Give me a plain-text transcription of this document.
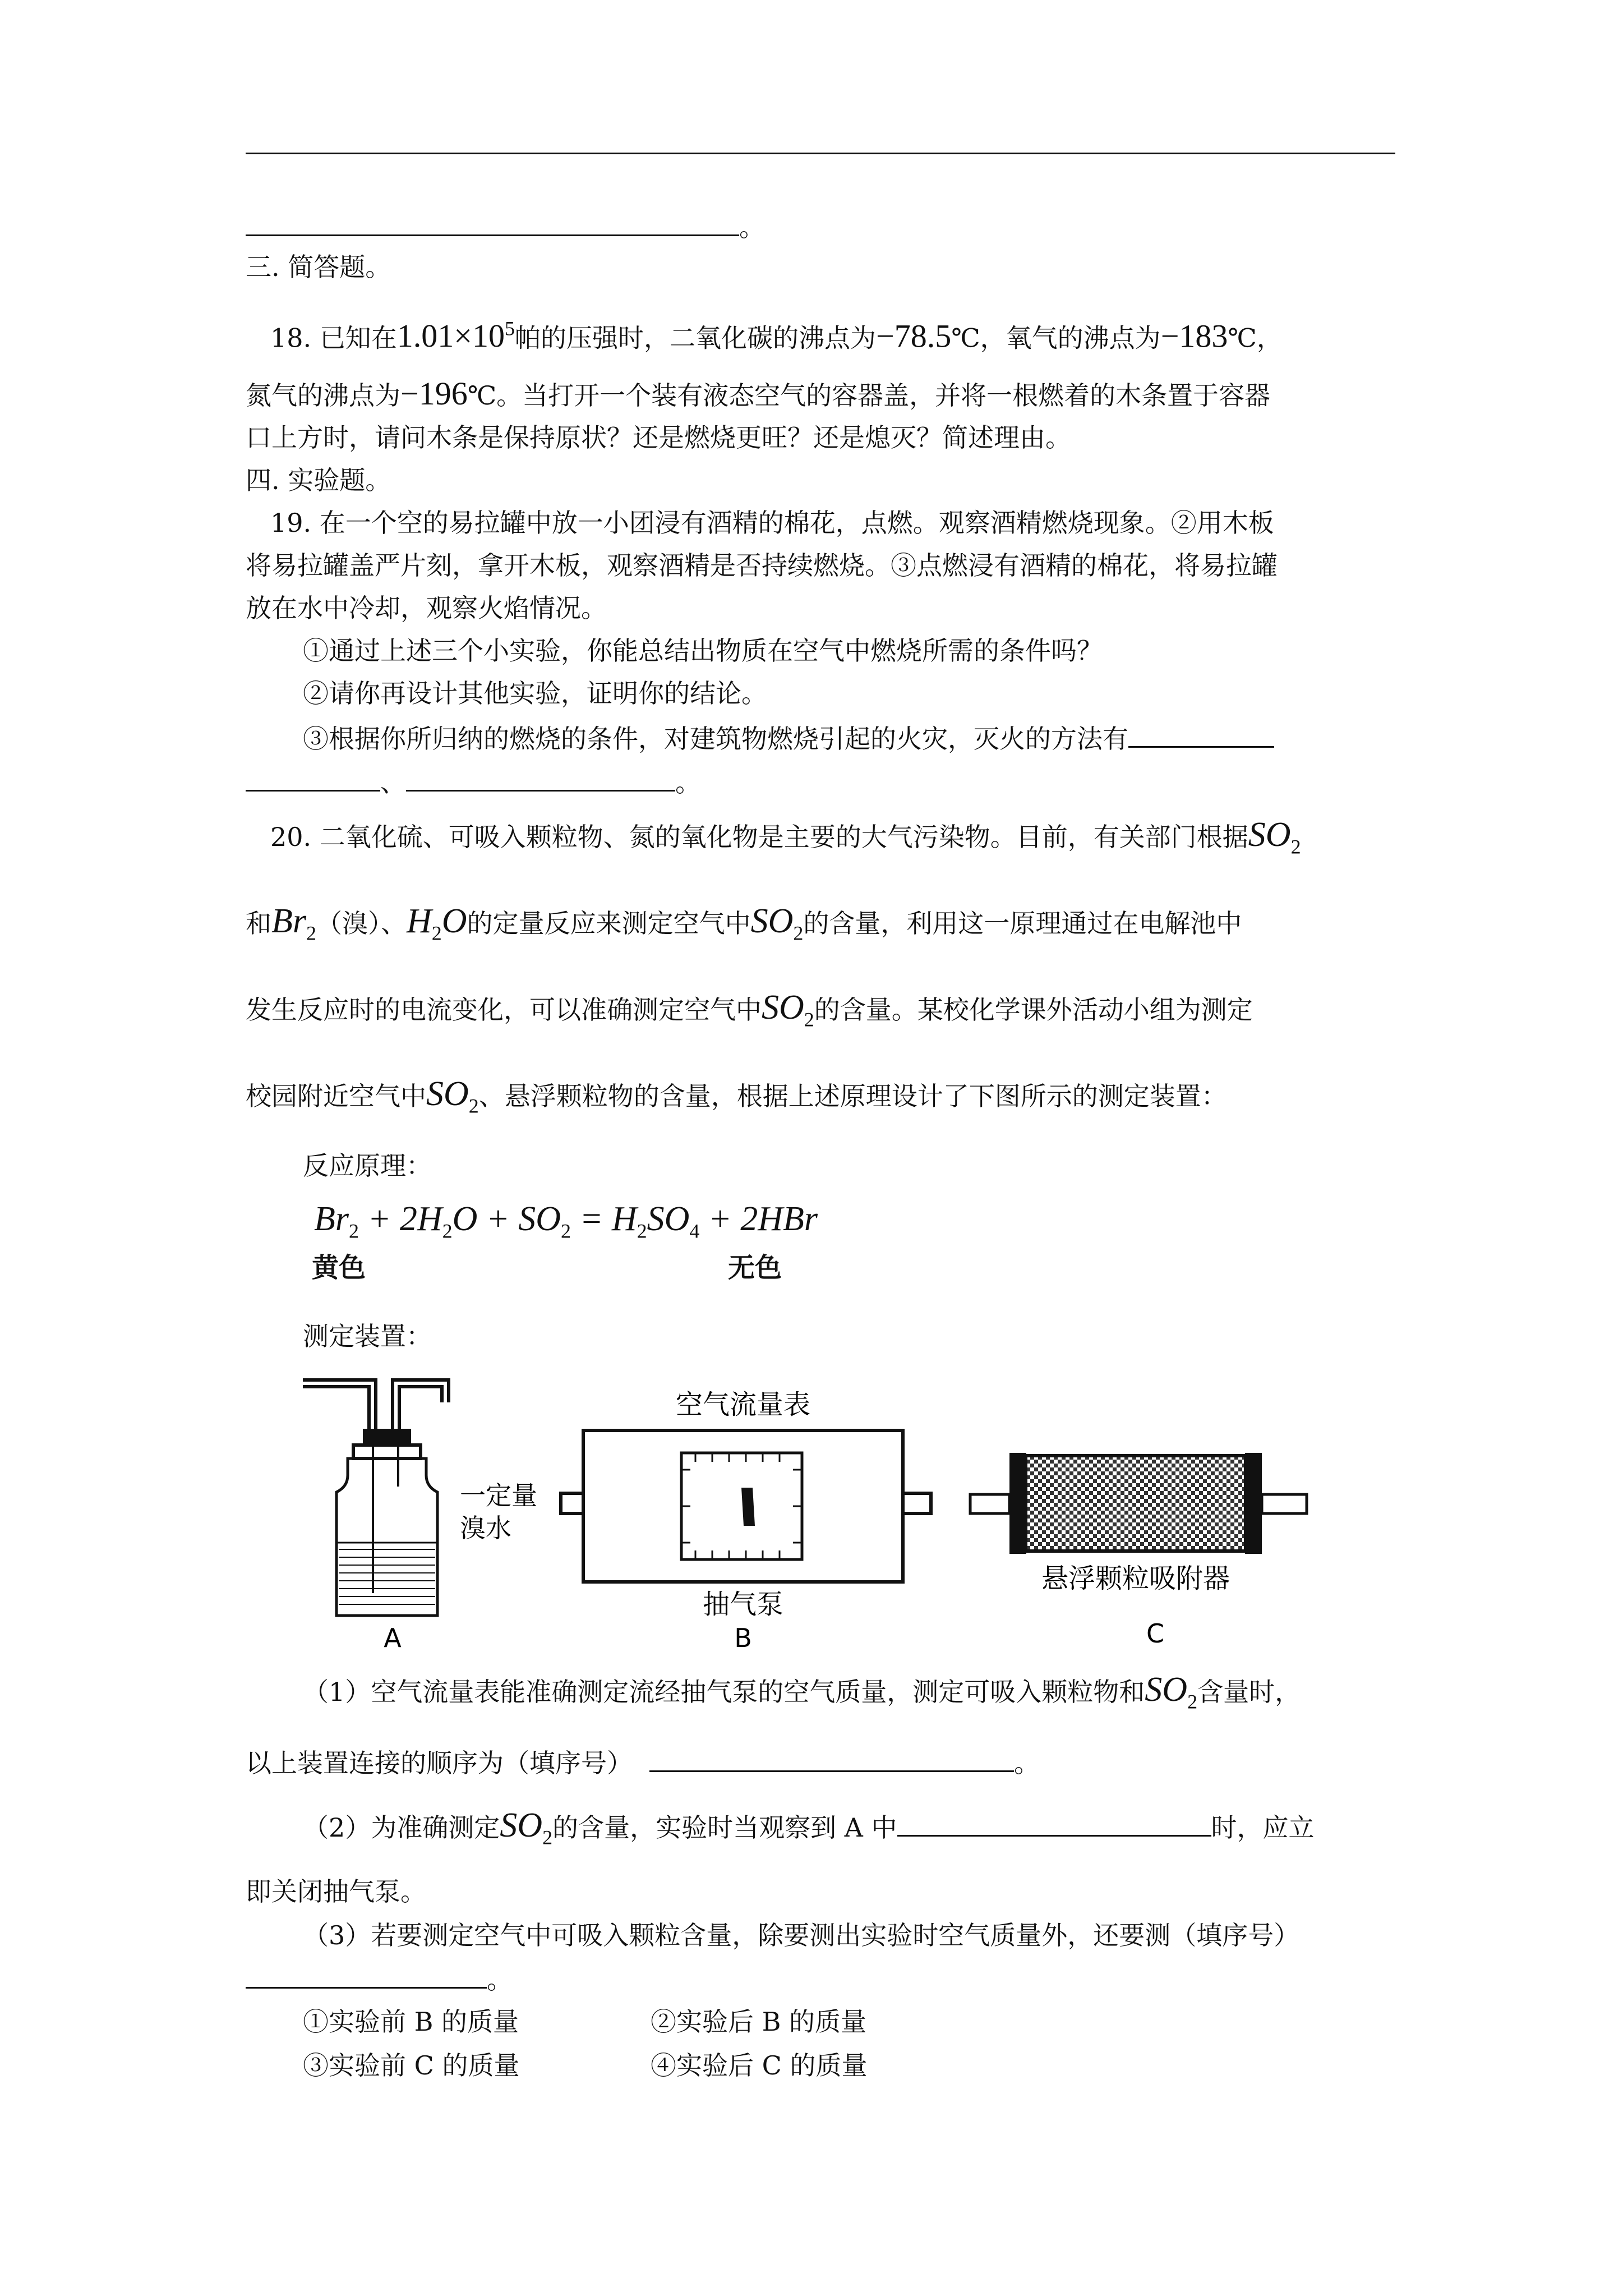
。
三. 简答题。
18. 已知在$1.01\times 10^5$帕的压强时，二氧化碳的沸点为−78.5℃，氧气的沸点为−183℃，
氮气的沸点为−196℃。当打开一个装有液态空气的容器盖，并将一根燃着的木条置于容器
口上方时，请问木条是保持原状？还是燃烧更旺？还是熄灭？简述理由。
四. 实验题。
19. 在一个空的易拉罐中放一小团浸有酒精的棉花，点燃。观察酒精燃烧现象。②用木板
将易拉罐盖严片刻，拿开木板，观察酒精是否持续燃烧。③点燃浸有酒精的棉花，将易拉罐
放在水中冷却，观察火焰情况。
①通过上述三个小实验，你能总结出物质在空气中燃烧所需的条件吗？
②请你再设计其他实验，证明你的结论。
③根据你所归纳的燃烧的条件，对建筑物燃烧引起的火灾，灭火的方法有
、	。
20. 二氧化硫、可吸入颗粒物、氮的氧化物是主要的大气污染物。目前，有关部门根据$SO_2$
和$Br_2$（溴）、$H_2O$的定量反应来测定空气中$SO_2$的含量，利用这一原理通过在电解池中
发生反应时的电流变化，可以准确测定空气中$SO_2$的含量。某校化学课外活动小组为测定
校园附近空气中$SO_2$、悬浮颗粒物的含量，根据上述原理设计了下图所示的测定装置：
反应原理：
$Br_2 + 2H_2O + SO_2 = H_2SO_4 + 2HBr$
黄色	无色
测定装置：
一定量
溴水
A
空气流量表
抽气泵
B
悬浮颗粒吸附器
C
（1）空气流量表能准确测定流经抽气泵的空气质量，测定可吸入颗粒物和$SO_2$含量时，
以上装置连接的顺序为（填序号）	。
（2）为准确测定$SO_2$的含量，实验时当观察到 A 中	时，应立
即关闭抽气泵。
（3）若要测定空气中可吸入颗粒含量，除要测出实验时空气质量外，还要测（填序号）
。
①实验前 B 的质量	②实验后 B 的质量
③实验前 C 的质量	④实验后 C 的质量
